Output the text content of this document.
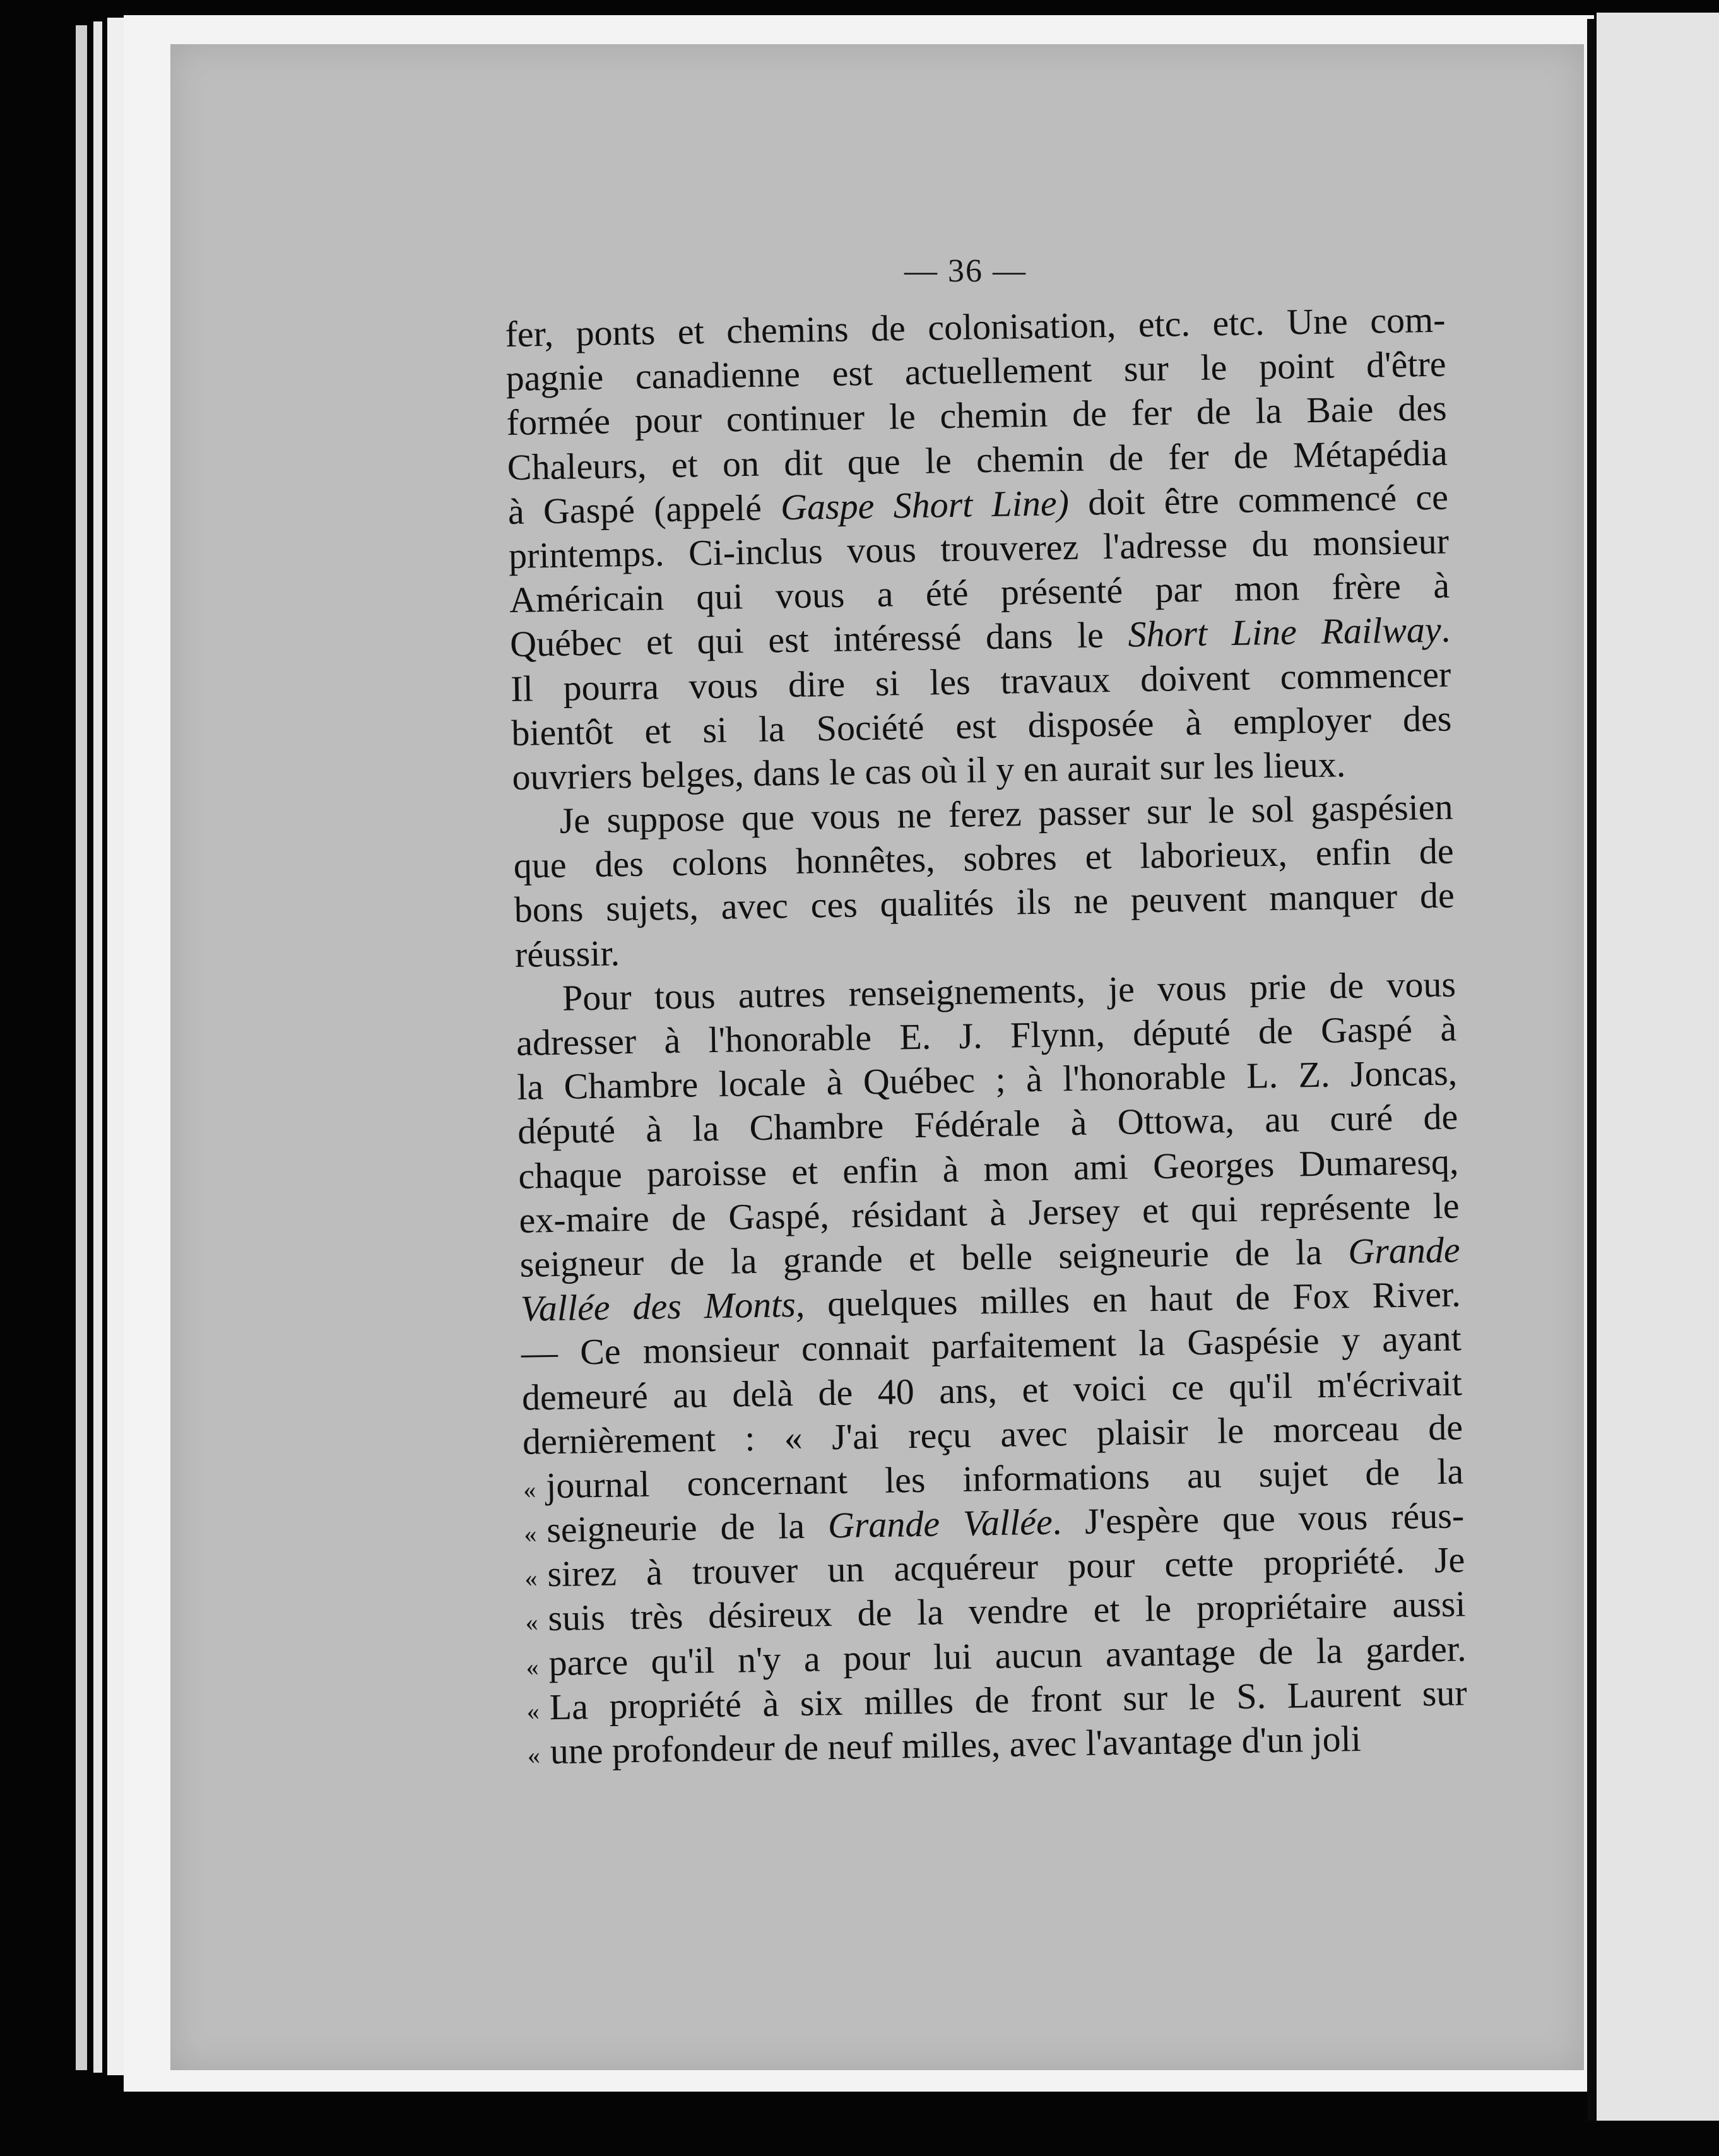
— 36 —
fer, ponts et chemins de colonisation, etc. etc. Une com-
pagnie canadienne est actuellement sur le point d'être
formée pour continuer le chemin de fer de la Baie des
Chaleurs, et on dit que le chemin de fer de Métapédia
à Gaspé (appelé Gaspe Short Line) doit être commencé ce
printemps. Ci-inclus vous trouverez l'adresse du monsieur
Américain qui vous a été présenté par mon frère à
Québec et qui est intéressé dans le Short Line Railway.
Il pourra vous dire si les travaux doivent commencer
bientôt et si la Société est disposée à employer des
ouvriers belges, dans le cas où il y en aurait sur les lieux.
Je suppose que vous ne ferez passer sur le sol gaspésien
que des colons honnêtes, sobres et laborieux, enfin de
bons sujets, avec ces qualités ils ne peuvent manquer de
réussir.
Pour tous autres renseignements, je vous prie de vous
adresser à l'honorable E. J. Flynn, député de Gaspé à
la Chambre locale à Québec ; à l'honorable L. Z. Joncas,
député à la Chambre Fédérale à Ottowa, au curé de
chaque paroisse et enfin à mon ami Georges Dumaresq,
ex-maire de Gaspé, résidant à Jersey et qui représente le
seigneur de la grande et belle seigneurie de la Grande
Vallée des Monts, quelques milles en haut de Fox River.
— Ce monsieur connait parfaitement la Gaspésie y ayant
demeuré au delà de 40 ans, et voici ce qu'il m'écrivait
dernièrement : « J'ai reçu avec plaisir le morceau de
« journal concernant les informations au sujet de la
« seigneurie de la Grande Vallée. J'espère que vous réus-
« sirez à trouver un acquéreur pour cette propriété. Je
« suis très désireux de la vendre et le propriétaire aussi
« parce qu'il n'y a pour lui aucun avantage de la garder.
« La propriété à six milles de front sur le S. Laurent sur
« une profondeur de neuf milles, avec l'avantage d'un joli
